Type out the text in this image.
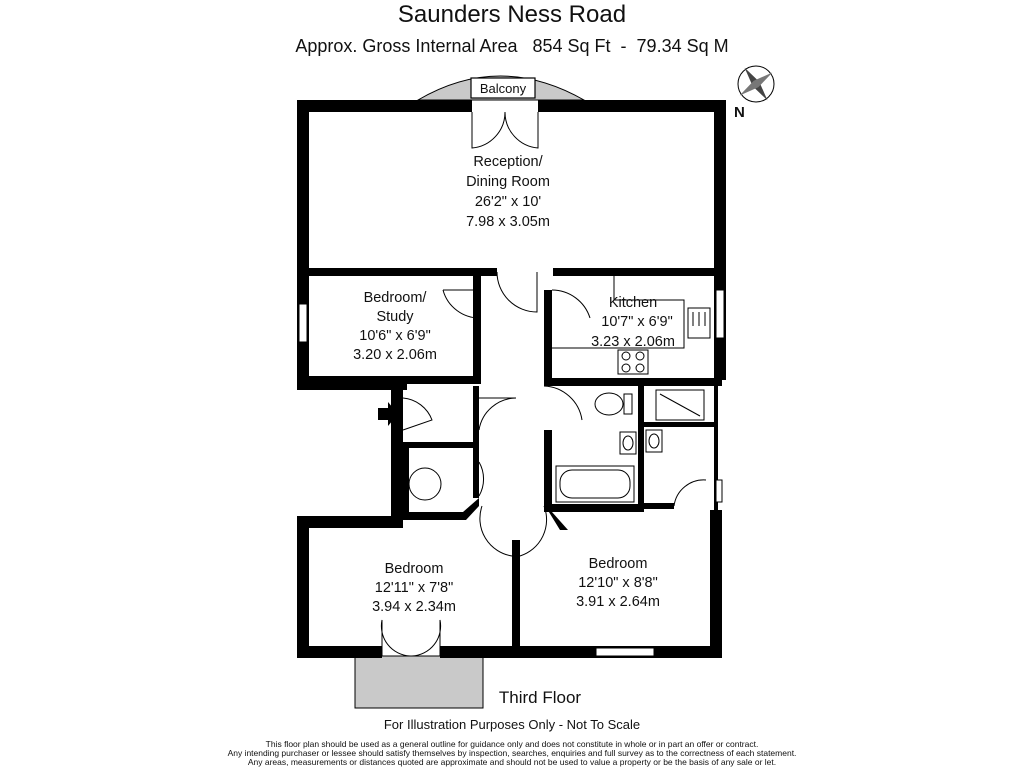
Saunders Ness Road
Approx. Gross Internal Area   854 Sq Ft  -  79.34 Sq M
N
Balcony
Reception/
Dining Room
26'2" x 10'
7.98 x 3.05m
Bedroom/
Study
10'6" x 6'9"
3.20 x 2.06m
Kitchen
10'7" x 6'9"
3.23 x 2.06m
Bedroom
12'11" x 7'8"
3.94 x 2.34m
Bedroom
12'10" x 8'8"
3.91 x 2.64m
Third Floor
For Illustration Purposes Only - Not To Scale
This floor plan should be used as a general outline for guidance only and does not constitute in whole or in part an offer or contract.
Any intending purchaser or lessee should satisfy themselves by inspection, searches, enquiries and full survey as to the correctness of each statement.
Any areas, measurements or distances quoted are approximate and should not be used to value a property or be the basis of any sale or let.
